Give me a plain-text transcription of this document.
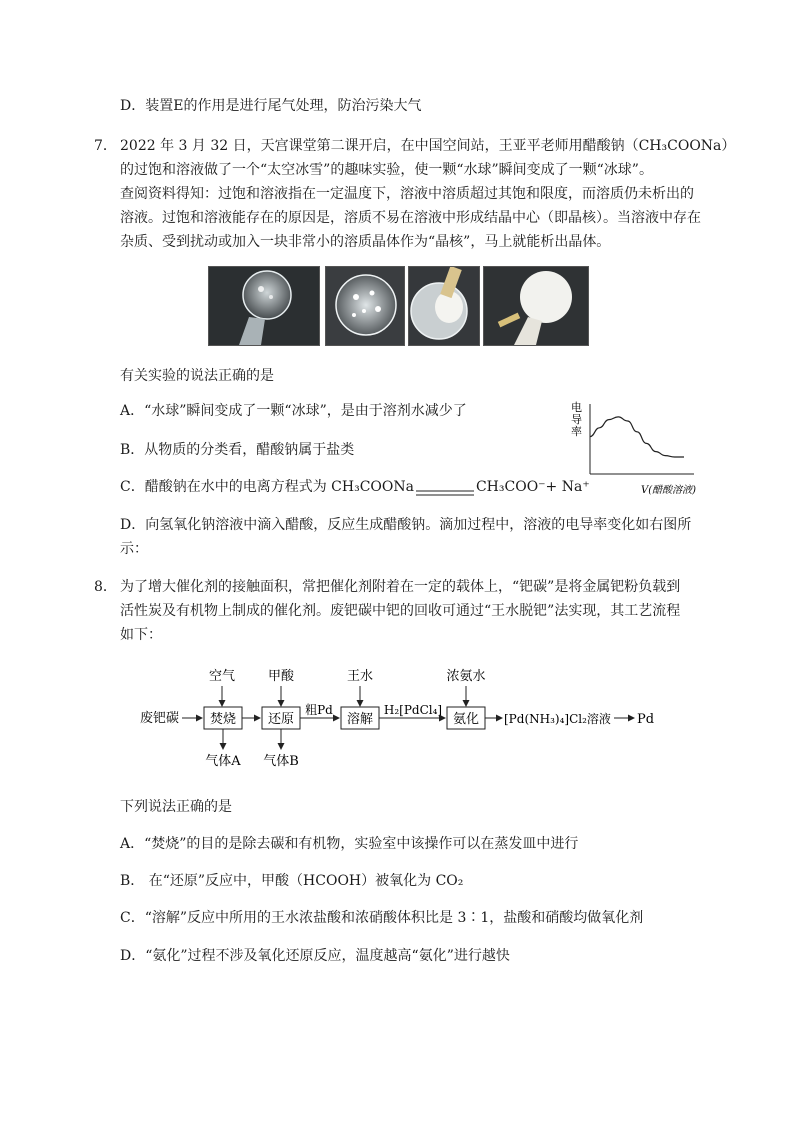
D．装置E的作用是进行尾气处理，防治污染大气
7． 2022 年 3 月 32 日，天宫课堂第二课开启，在中国空间站，王亚平老师用醋酸钠（CH₃COONa）
的过饱和溶液做了一个“太空冰雪”的趣味实验，使一颗“水球”瞬间变成了一颗“冰球”。
查阅资料得知：过饱和溶液指在一定温度下，溶液中溶质超过其饱和限度，而溶质仍未析出的
溶液。过饱和溶液能存在的原因是，溶质不易在溶液中形成结晶中心（即晶核）。当溶液中存在
杂质、受到扰动或加入一块非常小的溶质晶体作为“晶核”，马上就能析出晶体。
有关实验的说法正确的是
A．“水球”瞬间变成了一颗“冰球”，是由于溶剂水减少了
B．从物质的分类看，醋酸钠属于盐类
C．醋酸钠在水中的电离方程式为 CH₃COONa	CH₃COO⁻+ Na⁺
电
导
率
V(醋酸溶液)
D．向氢氧化钠溶液中滴入醋酸，反应生成醋酸钠。滴加过程中，溶液的电导率变化如右图所
示：
8． 为了增大催化剂的接触面积，常把催化剂附着在一定的载体上，“钯碳”是将金属钯粉负载到
活性炭及有机物上制成的催化剂。废钯碳中钯的回收可通过“王水脱钯”法实现，其工艺流程
如下：
空气	甲酸	王水	浓氨水
废钯碳 焚烧 还原
粗Pd
溶解
H₂[PdCl₄]
氨化 [Pd(NH₃)₄]Cl₂溶液 Pd
气体A 气体B
下列说法正确的是
A．“焚烧”的目的是除去碳和有机物，实验室中该操作可以在蒸发皿中进行
B． 在“还原”反应中，甲酸（HCOOH）被氧化为 CO₂
C．“溶解”反应中所用的王水浓盐酸和浓硝酸体积比是 3∶1，盐酸和硝酸均做氧化剂
D．“氨化”过程不涉及氧化还原反应，温度越高“氨化”进行越快
